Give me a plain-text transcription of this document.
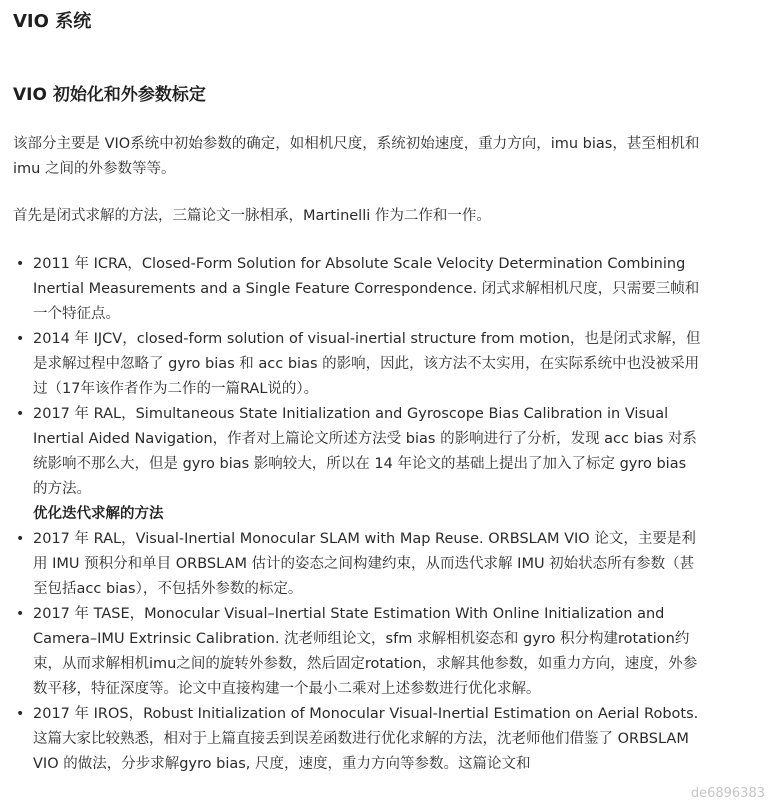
VIO 系统
VIO 初始化和外参数标定

该部分主要是 VIO系统中初始参数的确定，如相机尺度，系统初始速度，重力方向，imu bias，甚至相机和 imu 之间的外参数等等。

首先是闭式求解的方法，三篇论文一脉相承，Martinelli 作为二作和一作。

• 2011 年 ICRA，Closed-Form Solution for Absolute Scale Velocity Determination Combining Inertial Measurements and a Single Feature Correspondence. 闭式求解相机尺度，只需要三帧和一个特征点。
• 2014 年 IJCV，closed-form solution of visual-inertial structure from motion，也是闭式求解，但是求解过程中忽略了 gyro bias 和 acc bias 的影响，因此，该方法不太实用，在实际系统中也没被采用过（17年该作者作为二作的一篇RAL说的）。
• 2017 年 RAL，Simultaneous State Initialization and Gyroscope Bias Calibration in Visual Inertial Aided Navigation，作者对上篇论文所述方法受 bias 的影响进行了分析，发现 acc bias 对系统影响不那么大，但是 gyro bias 影响较大，所以在 14 年论文的基础上提出了加入了标定 gyro bias 的方法。
优化迭代求解的方法
• 2017 年 RAL，Visual-Inertial Monocular SLAM with Map Reuse. ORBSLAM VIO 论文，主要是利用 IMU 预积分和单目 ORBSLAM 估计的姿态之间构建约束，从而迭代求解 IMU 初始状态所有参数（甚至包括acc bias），不包括外参数的标定。
• 2017 年 TASE，Monocular Visual–Inertial State Estimation With Online Initialization and Camera–IMU Extrinsic Calibration. 沈老师组论文，sfm 求解相机姿态和 gyro 积分构建rotation约束，从而求解相机imu之间的旋转外参数，然后固定rotation，求解其他参数，如重力方向，速度，外参数平移，特征深度等。论文中直接构建一个最小二乘对上述参数进行优化求解。
• 2017 年 IROS，Robust Initialization of Monocular Visual-Inertial Estimation on Aerial Robots. 这篇大家比较熟悉，相对于上篇直接丢到误差函数进行优化求解的方法，沈老师他们借鉴了 ORBSLAM VIO 的做法，分步求解gyro bias, 尺度，速度，重力方向等参数。这篇论文和
de6896383
